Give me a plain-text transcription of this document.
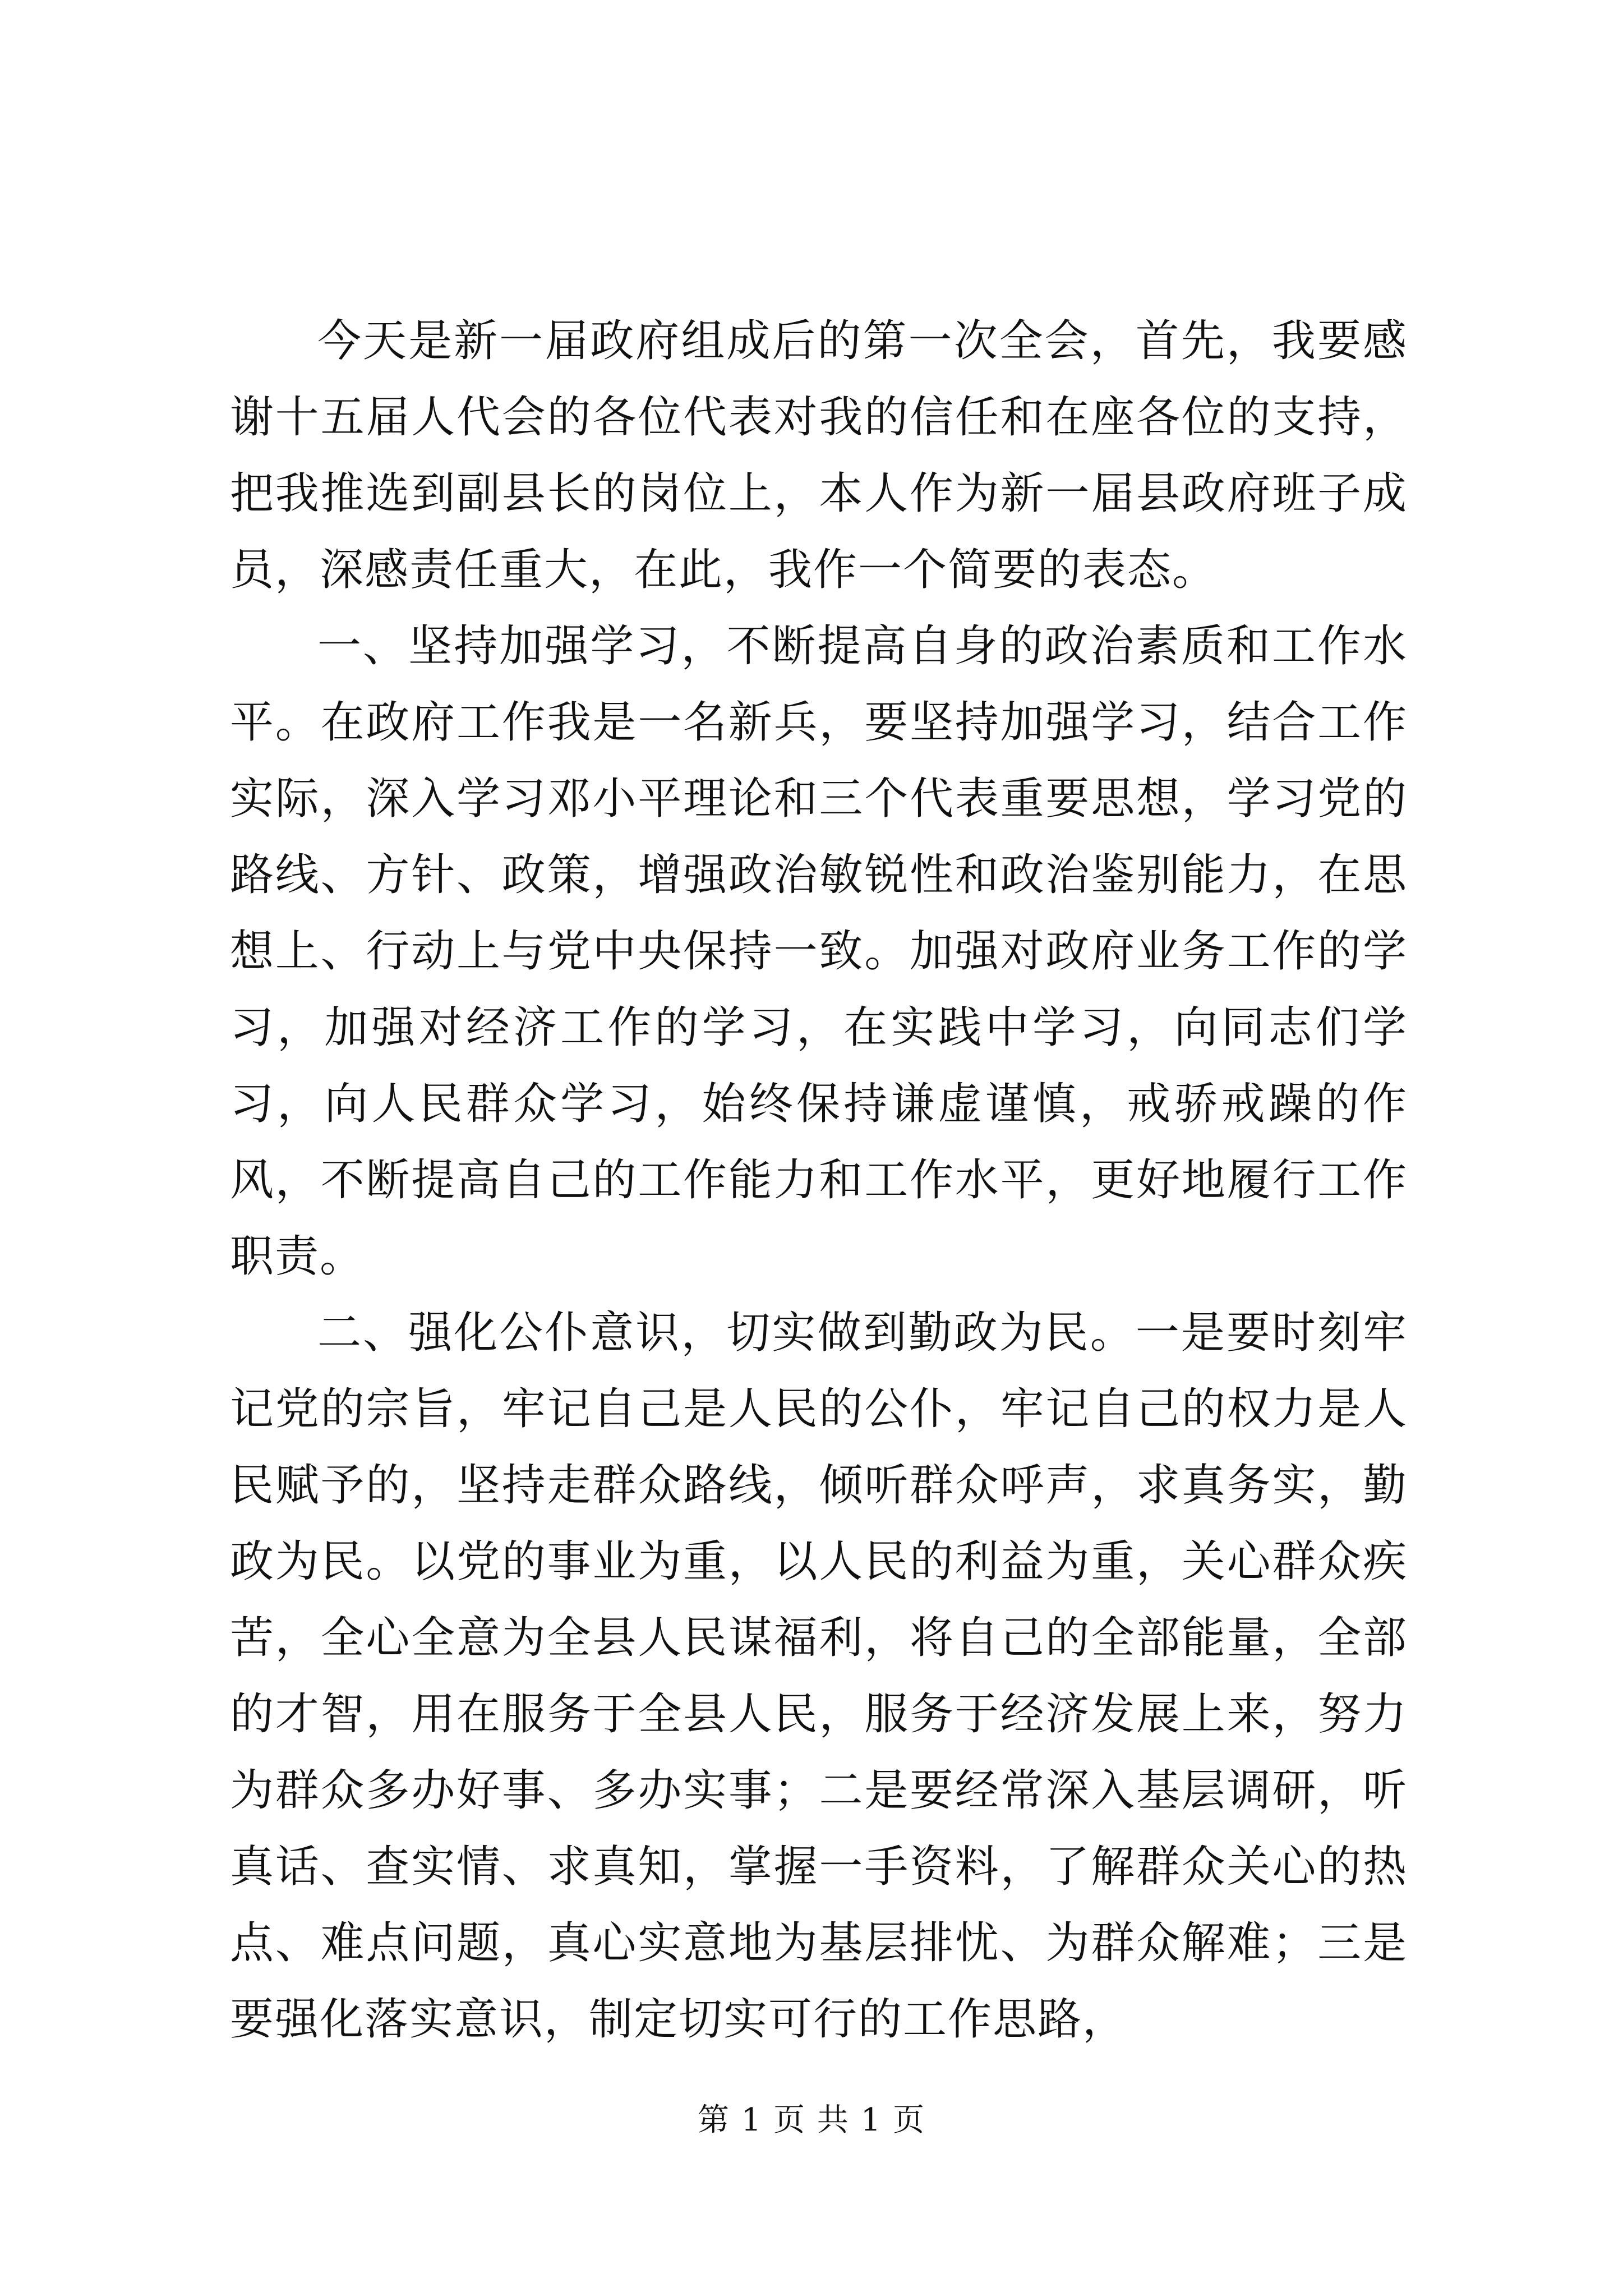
今天是新一届政府组成后的第一次全会，首先，我要感谢十五届人代会的各位代表对我的信任和在座各位的支持，把我推选到副县长的岗位上，本人作为新一届县政府班子成员，深感责任重大，在此，我作一个简要的表态。

一、坚持加强学习，不断提高自身的政治素质和工作水平。在政府工作我是一名新兵，要坚持加强学习，结合工作实际，深入学习邓小平理论和三个代表重要思想，学习党的路线、方针、政策，增强政治敏锐性和政治鉴别能力，在思想上、行动上与党中央保持一致。加强对政府业务工作的学习，加强对经济工作的学习，在实践中学习，向同志们学习，向人民群众学习，始终保持谦虚谨慎，戒骄戒躁的作风，不断提高自己的工作能力和工作水平，更好地履行工作职责。

二、强化公仆意识，切实做到勤政为民。一是要时刻牢记党的宗旨，牢记自己是人民的公仆，牢记自己的权力是人民赋予的，坚持走群众路线，倾听群众呼声，求真务实，勤政为民。以党的事业为重，以人民的利益为重，关心群众疾苦，全心全意为全县人民谋福利，将自己的全部能量，全部的才智，用在服务于全县人民，服务于经济发展上来，努力为群众多办好事、多办实事；二是要经常深入基层调研，听真话、查实情、求真知，掌握一手资料，了解群众关心的热点、难点问题，真心实意地为基层排忧、为群众解难；三是要强化落实意识，制定切实可行的工作思路，

第 1 页 共 1 页
